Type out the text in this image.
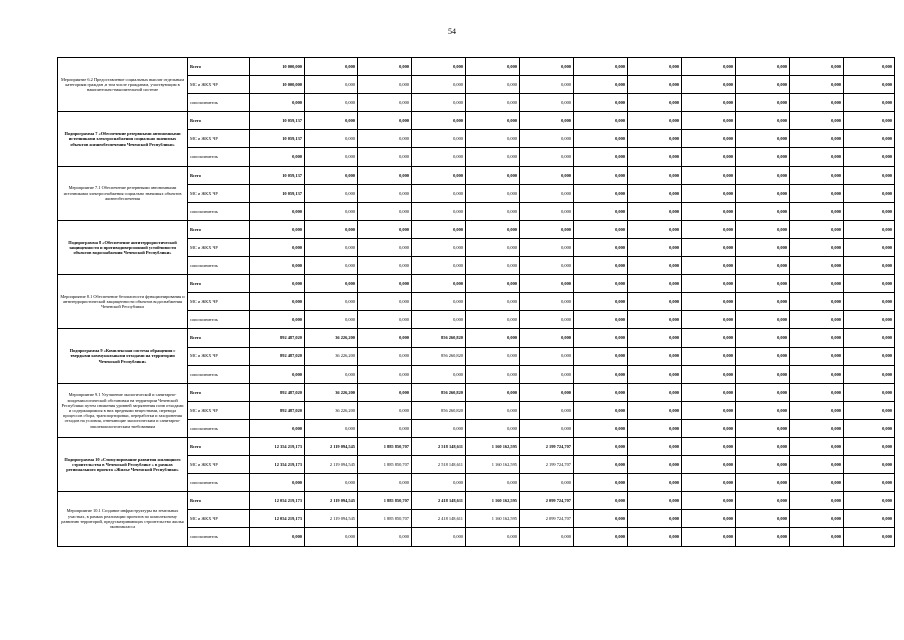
54
Мероприятие 6.2 Предоставление социальных выплат отдельным категориям граждан ,в том числе гражданам, участвующим в накопительно-накопительной системе	Всего	10 000,000	0,000	0,000	0,000	0,000	0,000	0,000	0,000	0,000	0,000	0,000	0,000
	МС и ЖКХ ЧР	10 000,000	0,000	0,000	0,000	0,000	0,000	0,000	0,000	0,000	0,000	0,000	0,000
	соисполнитель	0,000	0,000	0,000	0,000	0,000	0,000	0,000	0,000	0,000	0,000	0,000	0,000

Подпрограмма 7 «Обеспечение резервными автономными источниками электроснабжения социально значимых объектов жизнеобеспечения Чеченской Республики»	Всего	10 059,137	0,000	0,000	0,000	0,000	0,000	0,000	0,000	0,000	0,000	0,000	0,000
	МС и ЖКХ ЧР	10 059,137	0,000	0,000	0,000	0,000	0,000	0,000	0,000	0,000	0,000	0,000	0,000
	соисполнитель	0,000	0,000	0,000	0,000	0,000	0,000	0,000	0,000	0,000	0,000	0,000	0,000

Мероприятие 7.1 Обеспечение резервными автономными источниками электроснабжения социально значимых объектов жизнеобеспечения	Всего	10 059,137	0,000	0,000	0,000	0,000	0,000	0,000	0,000	0,000	0,000	0,000	0,000
	МС и ЖКХ ЧР	10 059,137	0,000	0,000	0,000	0,000	0,000	0,000	0,000	0,000	0,000	0,000	0,000
	соисполнитель	0,000	0,000	0,000	0,000	0,000	0,000	0,000	0,000	0,000	0,000	0,000	0,000

Подпрограмма 8 «Обеспечение антитеррористической защищенности и противодиверсионной устойчивости объектов водоснабжения Чеченской Республики»	Всего	0,000	0,000	0,000	0,000	0,000	0,000	0,000	0,000	0,000	0,000	0,000	0,000
	МС и ЖКХ ЧР	0,000	0,000	0,000	0,000	0,000	0,000	0,000	0,000	0,000	0,000	0,000	0,000
	соисполнитель	0,000	0,000	0,000	0,000	0,000	0,000	0,000	0,000	0,000	0,000	0,000	0,000

Мероприятие 8.1 Обеспечение безопасности функционирования и антитеррористической защищенности объектов водоснабжения Чеченской Республики	Всего	0,000	0,000	0,000	0,000	0,000	0,000	0,000	0,000	0,000	0,000	0,000	0,000
	МС и ЖКХ ЧР	0,000	0,000	0,000	0,000	0,000	0,000	0,000	0,000	0,000	0,000	0,000	0,000
	соисполнитель	0,000	0,000	0,000	0,000	0,000	0,000	0,000	0,000	0,000	0,000	0,000	0,000

Подпрограмма 9 «Комплексная система обращения с твердыми коммунальными отходами на территории Чеченской Республики»	Всего	892 487,020	36 226,200	0,000	856 260,820	0,000	0,000	0,000	0,000	0,000	0,000	0,000	0,000
	МС и ЖКХ ЧР	892 487,020	36 226,200	0,000	856 260,820	0,000	0,000	0,000	0,000	0,000	0,000	0,000	0,000
	соисполнитель	0,000	0,000	0,000	0,000	0,000	0,000	0,000	0,000	0,000	0,000	0,000	0,000

Мероприятие 9.1 Улучшение экологической и санитарно-эпидемиологической обстановки на территории Чеченской Республики путем снижения уровней загрязнения почв отходами и содержащимися в них вредными веществами, перевода процессов сбора, транспортировки, переработки и захоронения отходов на условия, отвечающие экологическим и санитарно-эпидемиологическим требованиям	Всего	892 487,020	36 226,200	0,000	856 260,820	0,000	0,000	0,000	0,000	0,000	0,000	0,000	0,000
	МС и ЖКХ ЧР	892 487,020	36 226,200	0,000	856 260,820	0,000	0,000	0,000	0,000	0,000	0,000	0,000	0,000
	соисполнитель	0,000	0,000	0,000	0,000	0,000	0,000	0,000	0,000	0,000	0,000	0,000	0,000

Подпрограмма 10 «Стимулирование развития жилищного строительства в Чеченской Республике » в рамках регионального проекта «Жилье Чеченской Республики»	Всего	12 354 219,173	2 119 094,545	1 885 850,707	2 518 148,611	1 160 162,595	2 199 724,707	0,000	0,000	0,000	0,000	0,000	0,000
	МС и ЖКХ ЧР	12 354 219,173	2 119 094,545	1 885 850,707	2 518 148,611	1 160 162,595	2 199 724,707	0,000	0,000	0,000	0,000	0,000	0,000
	соисполнитель	0,000	0,000	0,000	0,000	0,000	0,000	0,000	0,000	0,000	0,000	0,000	0,000

Мероприятие 10.1 Создание инфраструктуры на земельных участках, в рамках реализации проектов по комплексному развитию территорий, предусматривающих строительство жилья экономкласса	Всего	12 054 219,173	2 119 094,545	1 885 850,707	2 418 148,611	1 160 162,595	2 099 724,707	0,000	0,000	0,000	0,000	0,000	0,000
	МС и ЖКХ ЧР	12 054 219,173	2 119 094,545	1 885 850,707	2 418 148,611	1 160 162,595	2 099 724,707	0,000	0,000	0,000	0,000	0,000	0,000
	соисполнитель	0,000	0,000	0,000	0,000	0,000	0,000	0,000	0,000	0,000	0,000	0,000	0,000
